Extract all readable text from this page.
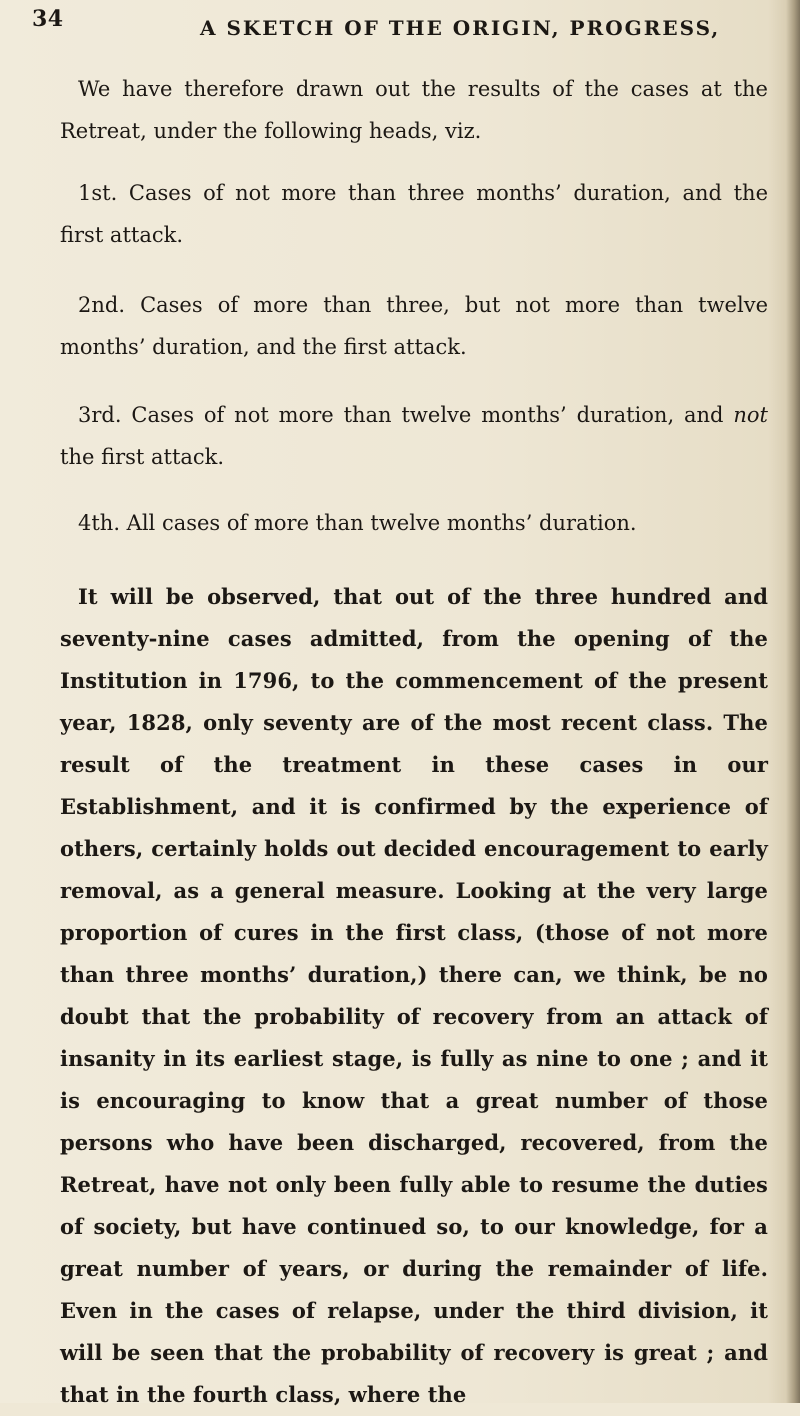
34	A SKETCH OF THE ORIGIN, PROGRESS,

We have therefore drawn out the results of the cases at the Retreat, under the following heads, viz.

1st. Cases of not more than three months’ duration, and the first attack.

2nd. Cases of more than three, but not more than twelve months’ duration, and the first attack.

3rd. Cases of not more than twelve months’ duration, and not the first attack.

4th. All cases of more than twelve months’ duration.

It will be observed, that out of the three hundred and seventy-nine cases admitted, from the opening of the Institution in 1796, to the commencement of the present year, 1828, only seventy are of the most recent class. The result of the treatment in these cases in our Establishment, and it is confirmed by the experience of others, certainly holds out decided encouragement to early removal, as a general measure. Looking at the very large proportion of cures in the first class, (those of not more than three months’ duration,) there can, we think, be no doubt that the probability of recovery from an attack of insanity in its earliest stage, is fully as nine to one ; and it is encouraging to know that a great number of those persons who have been discharged, recovered, from the Retreat, have not only been fully able to resume the duties of society, but have continued so, to our knowledge, for a great number of years, or during the remainder of life. Even in the cases of relapse, under the third division, it will be seen that the probability of recovery is great ; and that in the fourth class, where the
